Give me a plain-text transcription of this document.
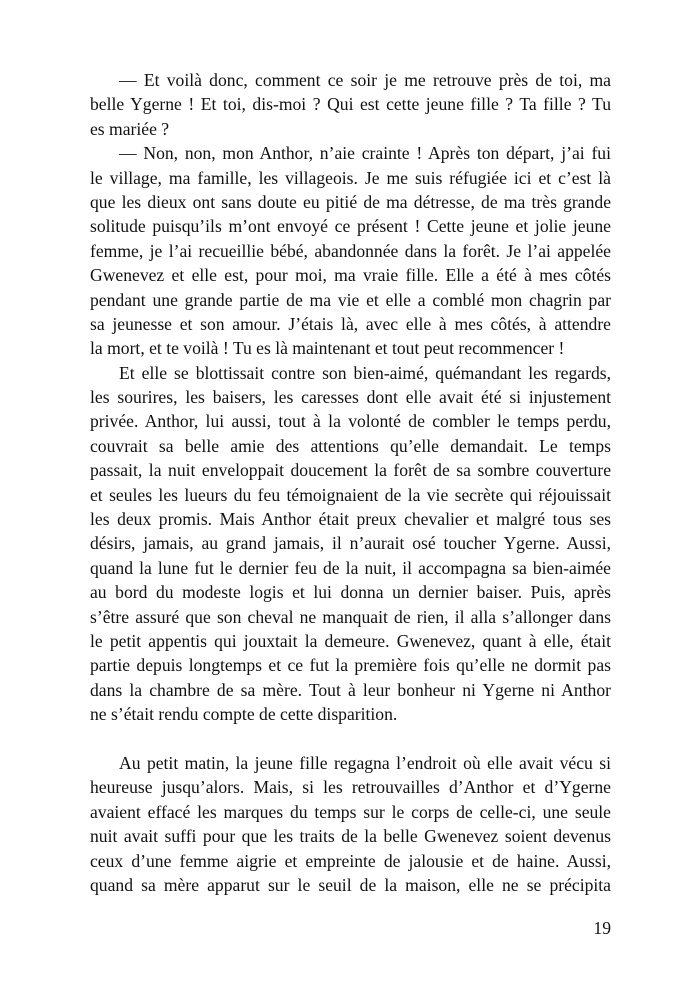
— Et voilà donc, comment ce soir je me retrouve près de toi, ma
belle Ygerne ! Et toi, dis-moi ? Qui est cette jeune fille ? Ta fille ? Tu
es mariée ?
— Non, non, mon Anthor, n’aie crainte ! Après ton départ, j’ai fui
le village, ma famille, les villageois. Je me suis réfugiée ici et c’est là
que les dieux ont sans doute eu pitié de ma détresse, de ma très grande
solitude puisqu’ils m’ont envoyé ce présent ! Cette jeune et jolie jeune
femme, je l’ai recueillie bébé, abandonnée dans la forêt. Je l’ai appelée
Gwenevez et elle est, pour moi, ma vraie fille. Elle a été à mes côtés
pendant une grande partie de ma vie et elle a comblé mon chagrin par
sa jeunesse et son amour. J’étais là, avec elle à mes côtés, à attendre
la mort, et te voilà ! Tu es là maintenant et tout peut recommencer !
Et elle se blottissait contre son bien-aimé, quémandant les regards,
les sourires, les baisers, les caresses dont elle avait été si injustement
privée. Anthor, lui aussi, tout à la volonté de combler le temps perdu,
couvrait sa belle amie des attentions qu’elle demandait. Le temps
passait, la nuit enveloppait doucement la forêt de sa sombre couverture
et seules les lueurs du feu témoignaient de la vie secrète qui réjouissait
les deux promis. Mais Anthor était preux chevalier et malgré tous ses
désirs, jamais, au grand jamais, il n’aurait osé toucher Ygerne. Aussi,
quand la lune fut le dernier feu de la nuit, il accompagna sa bien-aimée
au bord du modeste logis et lui donna un dernier baiser. Puis, après
s’être assuré que son cheval ne manquait de rien, il alla s’allonger dans
le petit appentis qui jouxtait la demeure. Gwenevez, quant à elle, était
partie depuis longtemps et ce fut la première fois qu’elle ne dormit pas
dans la chambre de sa mère. Tout à leur bonheur ni Ygerne ni Anthor
ne s’était rendu compte de cette disparition.
Au petit matin, la jeune fille regagna l’endroit où elle avait vécu si
heureuse jusqu’alors. Mais, si les retrouvailles d’Anthor et d’Ygerne
avaient effacé les marques du temps sur le corps de celle-ci, une seule
nuit avait suffi pour que les traits de la belle Gwenevez soient devenus
ceux d’une femme aigrie et empreinte de jalousie et de haine. Aussi,
quand sa mère apparut sur le seuil de la maison, elle ne se précipita
19
